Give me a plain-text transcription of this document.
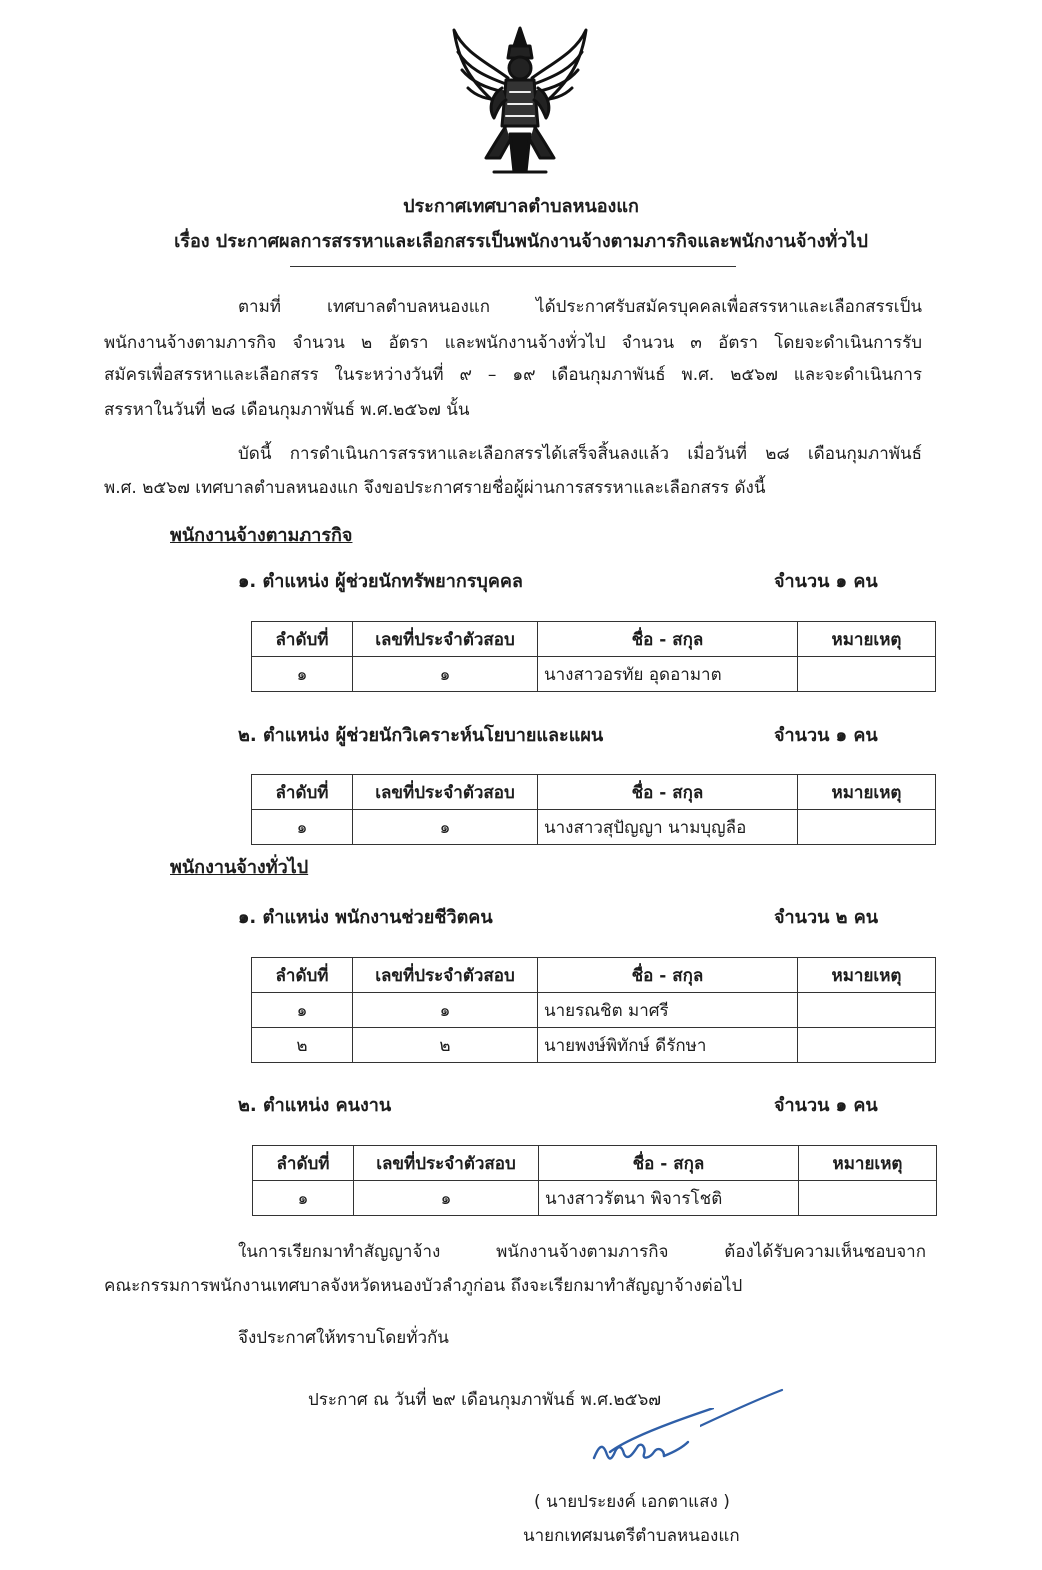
ประกาศเทศบาลตำบลหนองแก
เรื่อง ประกาศผลการสรรหาและเลือกสรรเป็นพนักงานจ้างตามภารกิจและพนักงานจ้างทั่วไป
ตามที่ เทศบาลตำบลหนองแก ได้ประกาศรับสมัครบุคคลเพื่อสรรหาและเลือกสรรเป็น
พนักงานจ้างตามภารกิจ จำนวน ๒ อัตรา และพนักงานจ้างทั่วไป จำนวน ๓ อัตรา โดยจะดำเนินการรับ
สมัครเพื่อสรรหาและเลือกสรร ในระหว่างวันที่ ๙ – ๑๙ เดือนกุมภาพันธ์ พ.ศ. ๒๕๖๗ และจะดำเนินการ
สรรหาในวันที่ ๒๘ เดือนกุมภาพันธ์ พ.ศ.๒๕๖๗ นั้น
บัดนี้ การดำเนินการสรรหาและเลือกสรรได้เสร็จสิ้นลงแล้ว เมื่อวันที่ ๒๘ เดือนกุมภาพันธ์
พ.ศ. ๒๕๖๗ เทศบาลตำบลหนองแก จึงขอประกาศรายชื่อผู้ผ่านการสรรหาและเลือกสรร ดังนี้
พนักงานจ้างตามภารกิจ
๑. ตำแหน่ง ผู้ช่วยนักทรัพยากรบุคคล	จำนวน ๑ คน
ลำดับที่	เลขที่ประจำตัวสอบ	ชื่อ - สกุล	หมายเหตุ
๑	๑	นางสาวอรทัย อุดอามาต	
๒. ตำแหน่ง ผู้ช่วยนักวิเคราะห์นโยบายและแผน	จำนวน ๑ คน
ลำดับที่	เลขที่ประจำตัวสอบ	ชื่อ - สกุล	หมายเหตุ
๑	๑	นางสาวสุปัญญา นามบุญลือ	
พนักงานจ้างทั่วไป
๑. ตำแหน่ง พนักงานช่วยชีวิตคน	จำนวน ๒ คน
ลำดับที่	เลขที่ประจำตัวสอบ	ชื่อ - สกุล	หมายเหตุ
๑	๑	นายรณชิต มาศรี	
๒	๒	นายพงษ์พิทักษ์ ดีรักษา	
๒. ตำแหน่ง คนงาน	จำนวน ๑ คน
ลำดับที่	เลขที่ประจำตัวสอบ	ชื่อ - สกุล	หมายเหตุ
๑	๑	นางสาวรัตนา พิจารโชติ	
ในการเรียกมาทำสัญญาจ้าง พนักงานจ้างตามภารกิจ ต้องได้รับความเห็นชอบจาก
คณะกรรมการพนักงานเทศบาลจังหวัดหนองบัวลำภูก่อน ถึงจะเรียกมาทำสัญญาจ้างต่อไป
จึงประกาศให้ทราบโดยทั่วกัน
ประกาศ ณ วันที่ ๒๙ เดือนกุมภาพันธ์ พ.ศ.๒๕๖๗
( นายประยงค์ เอกตาแสง )
นายกเทศมนตรีตำบลหนองแก
